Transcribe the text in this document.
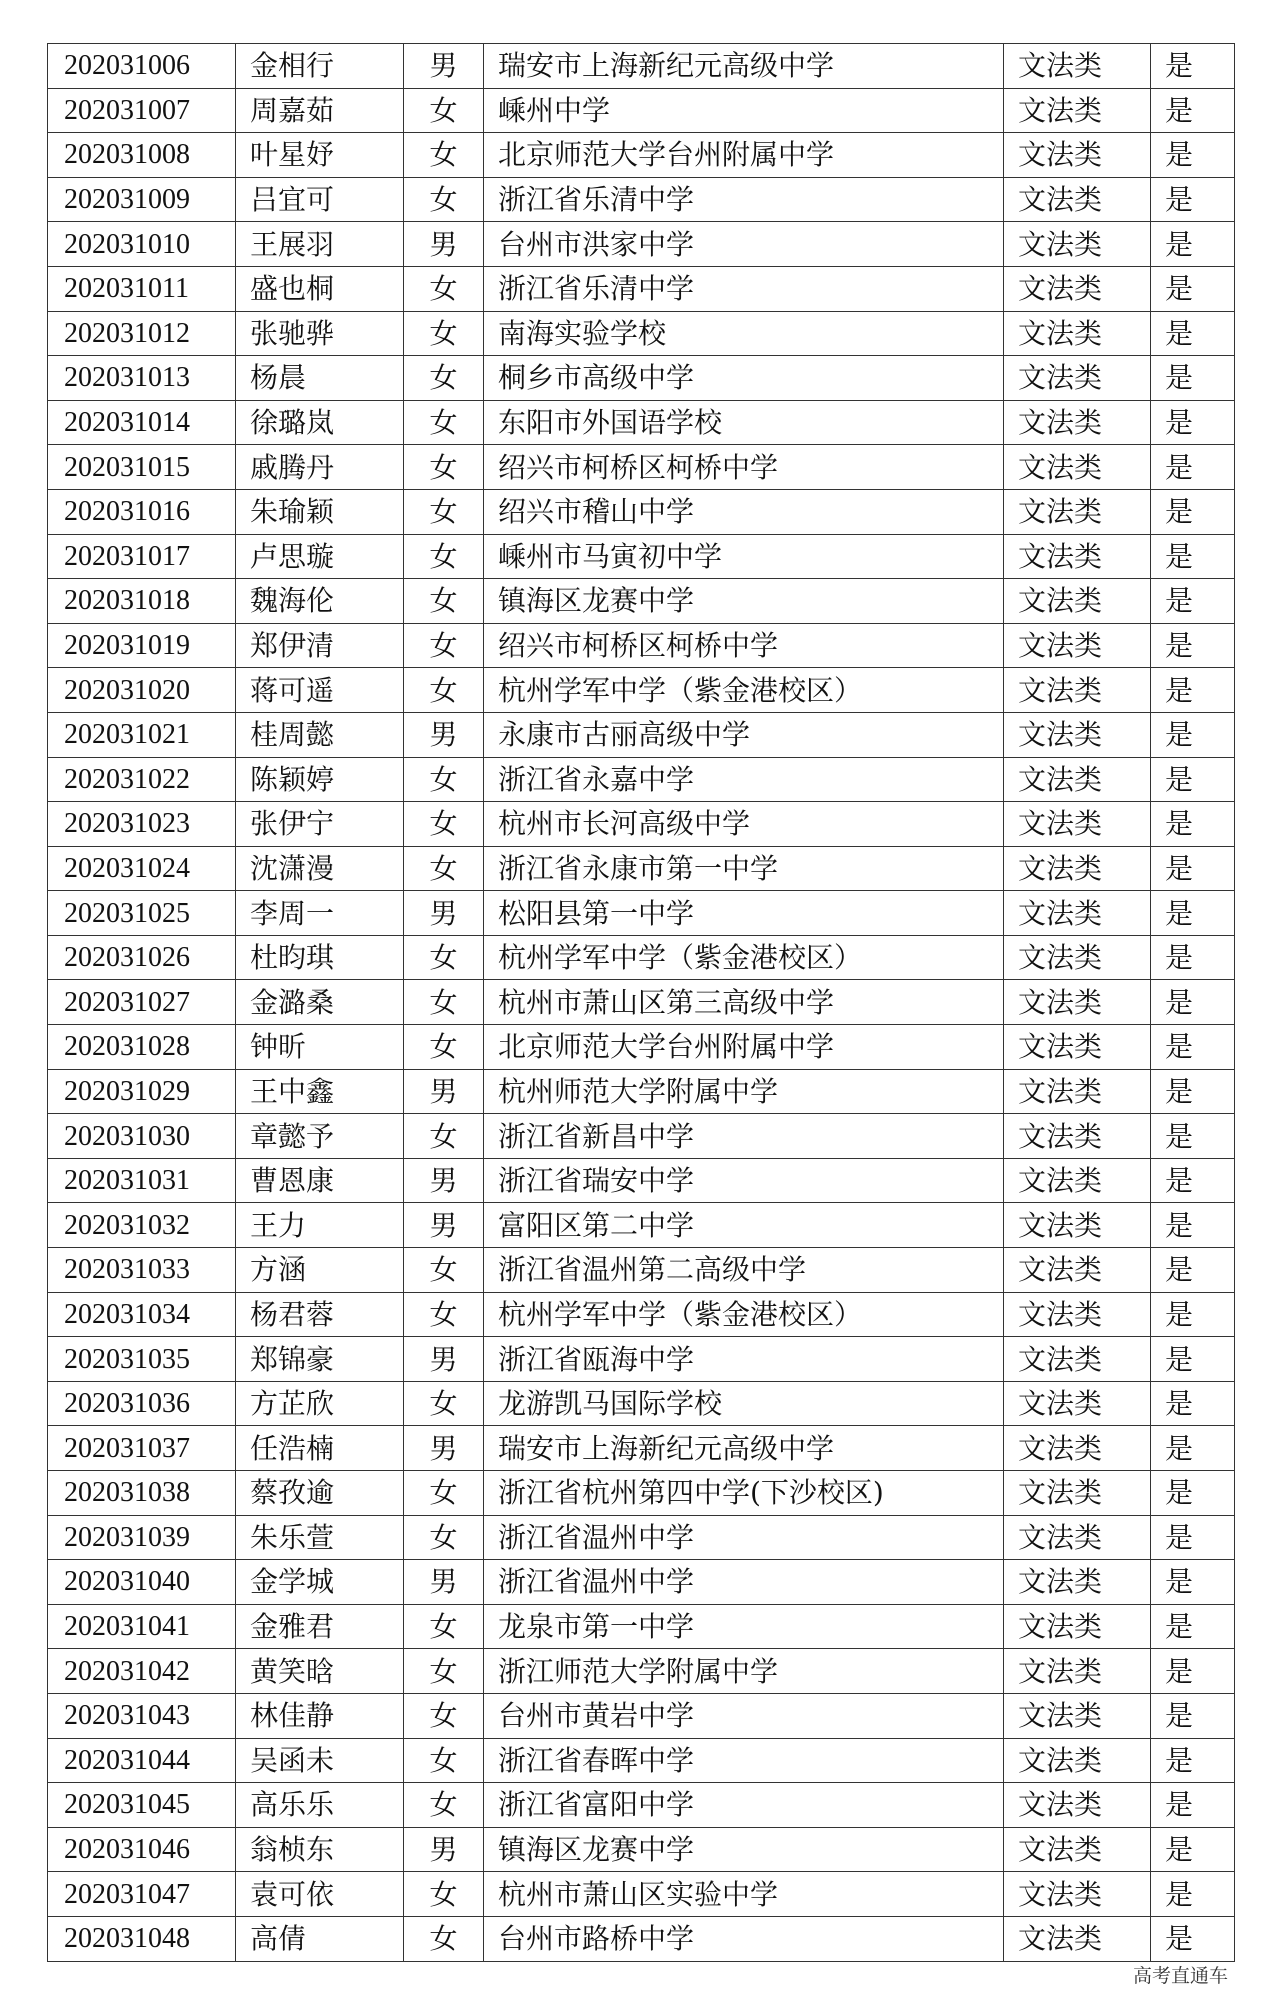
202031006	金相行	男	瑞安市上海新纪元高级中学	文法类	是
202031007	周嘉茹	女	嵊州中学	文法类	是
202031008	叶星妤	女	北京师范大学台州附属中学	文法类	是
202031009	吕宜可	女	浙江省乐清中学	文法类	是
202031010	王展羽	男	台州市洪家中学	文法类	是
202031011	盛也桐	女	浙江省乐清中学	文法类	是
202031012	张驰骅	女	南海实验学校	文法类	是
202031013	杨晨	女	桐乡市高级中学	文法类	是
202031014	徐璐岚	女	东阳市外国语学校	文法类	是
202031015	戚腾丹	女	绍兴市柯桥区柯桥中学	文法类	是
202031016	朱瑜颖	女	绍兴市稽山中学	文法类	是
202031017	卢思璇	女	嵊州市马寅初中学	文法类	是
202031018	魏海伦	女	镇海区龙赛中学	文法类	是
202031019	郑伊清	女	绍兴市柯桥区柯桥中学	文法类	是
202031020	蒋可遥	女	杭州学军中学（紫金港校区）	文法类	是
202031021	桂周懿	男	永康市古丽高级中学	文法类	是
202031022	陈颖婷	女	浙江省永嘉中学	文法类	是
202031023	张伊宁	女	杭州市长河高级中学	文法类	是
202031024	沈潇漫	女	浙江省永康市第一中学	文法类	是
202031025	李周一	男	松阳县第一中学	文法类	是
202031026	杜昀琪	女	杭州学军中学（紫金港校区）	文法类	是
202031027	金潞桑	女	杭州市萧山区第三高级中学	文法类	是
202031028	钟昕	女	北京师范大学台州附属中学	文法类	是
202031029	王中鑫	男	杭州师范大学附属中学	文法类	是
202031030	章懿予	女	浙江省新昌中学	文法类	是
202031031	曹恩康	男	浙江省瑞安中学	文法类	是
202031032	王力	男	富阳区第二中学	文法类	是
202031033	方涵	女	浙江省温州第二高级中学	文法类	是
202031034	杨君蓉	女	杭州学军中学（紫金港校区）	文法类	是
202031035	郑锦豪	男	浙江省瓯海中学	文法类	是
202031036	方芷欣	女	龙游凯马国际学校	文法类	是
202031037	任浩楠	男	瑞安市上海新纪元高级中学	文法类	是
202031038	蔡孜逾	女	浙江省杭州第四中学(下沙校区)	文法类	是
202031039	朱乐萱	女	浙江省温州中学	文法类	是
202031040	金学城	男	浙江省温州中学	文法类	是
202031041	金雅君	女	龙泉市第一中学	文法类	是
202031042	黄笑晗	女	浙江师范大学附属中学	文法类	是
202031043	林佳静	女	台州市黄岩中学	文法类	是
202031044	吴函未	女	浙江省春晖中学	文法类	是
202031045	高乐乐	女	浙江省富阳中学	文法类	是
202031046	翁桢东	男	镇海区龙赛中学	文法类	是
202031047	袁可依	女	杭州市萧山区实验中学	文法类	是
202031048	高倩	女	台州市路桥中学	文法类	是
高考直通车
